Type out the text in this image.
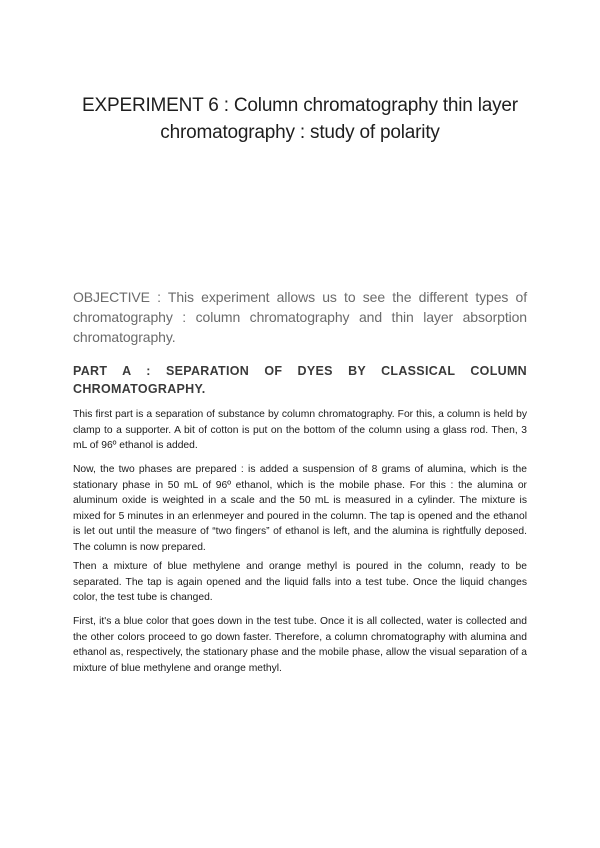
EXPERIMENT 6 : Column chromatography thin layer chromatography : study of polarity

OBJECTIVE : This experiment allows us to see the different types of chromatography : column chromatography and thin layer absorption chromatography.

PART A : SEPARATION OF DYES BY CLASSICAL COLUMN CHROMATOGRAPHY.

This first part is a separation of substance by column chromatography. For this, a column is held by clamp to a supporter. A bit of cotton is put on the bottom of the column using a glass rod. Then, 3 mL of 96º ethanol is added.

Now, the two phases are prepared : is added a suspension of 8 grams of alumina, which is the stationary phase in 50 mL of 96º ethanol, which is the mobile phase. For this : the alumina or aluminum oxide is weighted in a scale and the 50 mL is measured in a cylinder. The mixture is mixed for 5 minutes in an erlenmeyer and poured in the column. The tap is opened and the ethanol is let out until the measure of “two fingers” of ethanol is left, and the alumina is rightfully deposed. The column is now prepared.

Then a mixture of blue methylene and orange methyl is poured in the column, ready to be separated. The tap is again opened and the liquid falls into a test tube. Once the liquid changes color, the test tube is changed.

First, it's a blue color that goes down in the test tube. Once it is all collected, water is collected and the other colors proceed to go down faster. Therefore, a column chromatography with alumina and ethanol as, respectively, the stationary phase and the mobile phase, allow the visual separation of a mixture of blue methylene and orange methyl.
